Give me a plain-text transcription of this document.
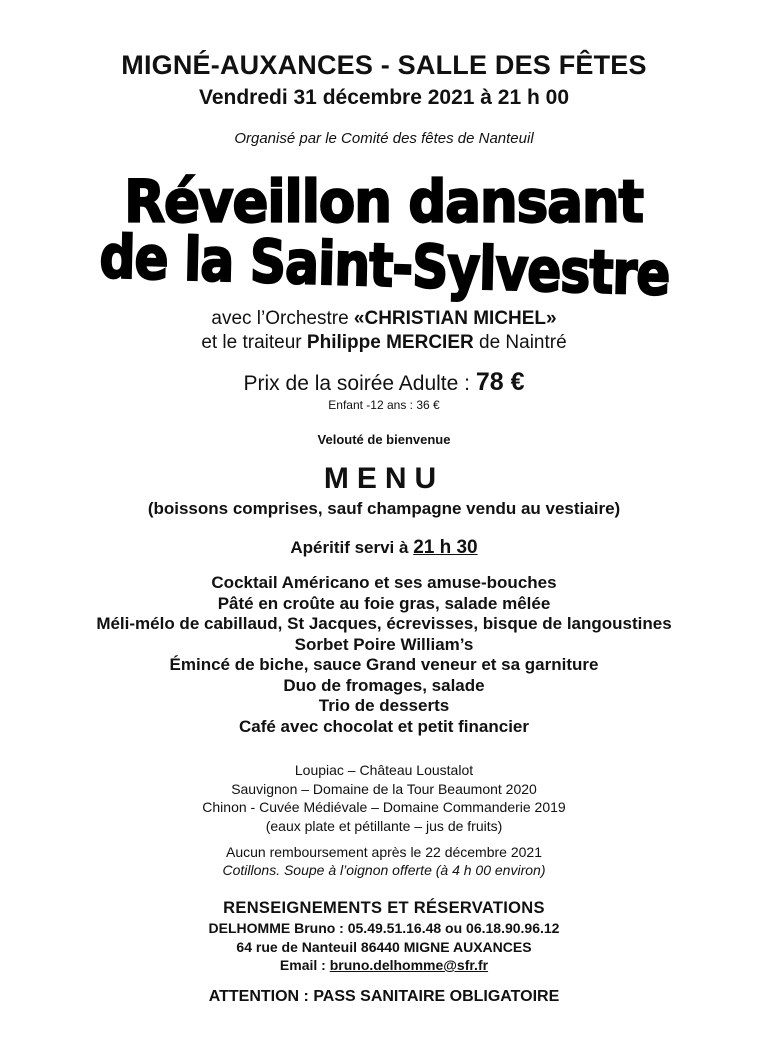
MIGNÉ-AUXANCES - SALLE DES FÊTES
Vendredi 31 décembre 2021 à 21 h 00
Organisé par le Comité des fêtes de Nanteuil
Réveillon dansant
de la Saint-Sylvestre
avec l’Orchestre «CHRISTIAN MICHEL»
et le traiteur Philippe MERCIER de Naintré
Prix de la soirée Adulte : 78 €
Enfant -12 ans : 36 €
Velouté de bienvenue
MENU
(boissons comprises, sauf champagne vendu au vestiaire)
Apéritif servi à 21 h 30
Cocktail Américano et ses amuse-bouches
Pâté en croûte au foie gras, salade mêlée
Méli-mélo de cabillaud, St Jacques, écrevisses, bisque de langoustines
Sorbet Poire William’s
Émincé de biche, sauce Grand veneur et sa garniture
Duo de fromages, salade
Trio de desserts
Café avec chocolat et petit financier
Loupiac – Château Loustalot
Sauvignon – Domaine de la Tour Beaumont 2020
Chinon - Cuvée Médiévale – Domaine Commanderie 2019
(eaux plate et pétillante – jus de fruits)
Aucun remboursement après le 22 décembre 2021
Cotillons. Soupe à l’oignon offerte (à 4 h 00 environ)
RENSEIGNEMENTS ET RÉSERVATIONS
DELHOMME Bruno : 05.49.51.16.48 ou 06.18.90.96.12
64 rue de Nanteuil 86440 MIGNE AUXANCES
Email : bruno.delhomme@sfr.fr
ATTENTION : PASS SANITAIRE OBLIGATOIRE
